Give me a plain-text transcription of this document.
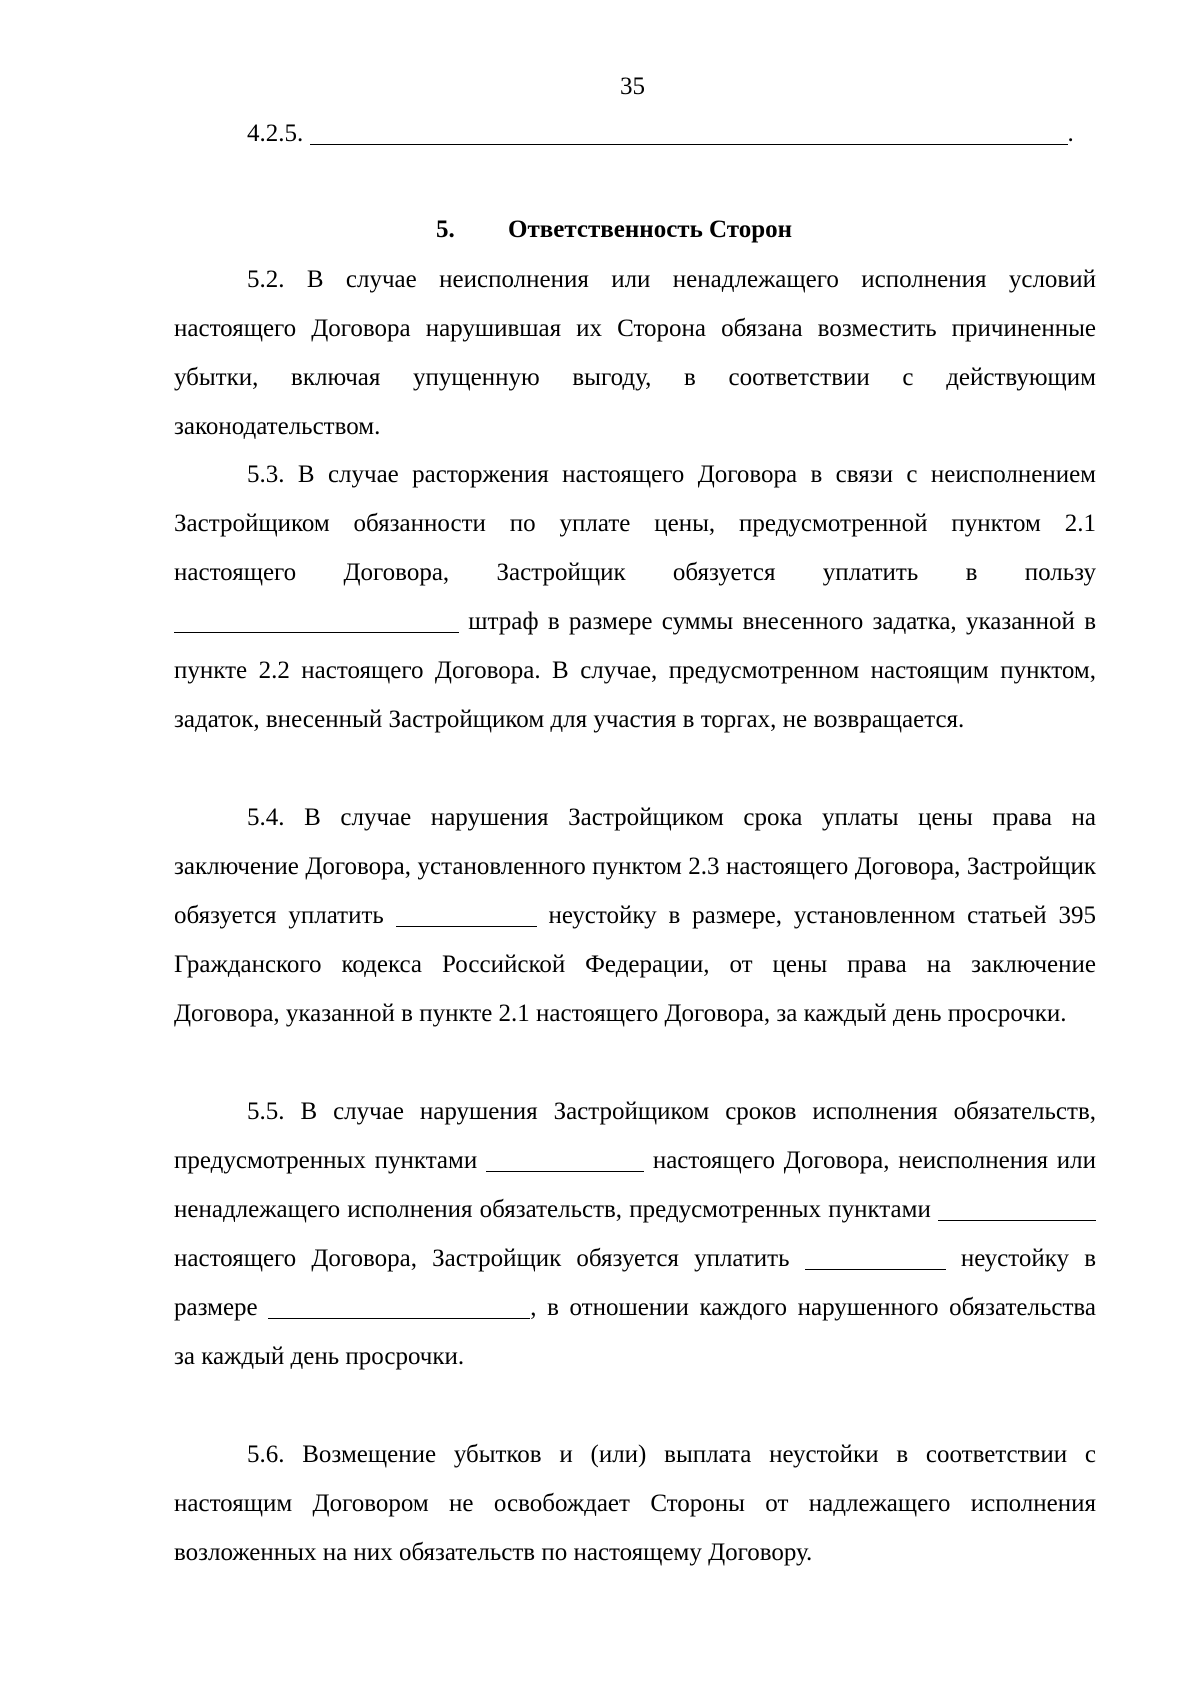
35
4.2.5.	.
5. Ответственность Сторон
5.2. В случае неисполнения или ненадлежащего исполнения условий настоящего Договора нарушившая их Сторона обязана возместить причиненные убытки, включая упущенную выгоду, в соответствии с действующим законодательством.
5.3. В случае расторжения настоящего Договора в связи с неисполнением Застройщиком обязанности по уплате цены, предусмотренной пунктом 2.1 настоящего Договора, Застройщик обязуется уплатить в пользу  штраф в размере суммы внесенного задатка, указанной в пункте 2.2 настоящего Договора. В случае, предусмотренном настоящим пунктом, задаток, внесенный Застройщиком для участия в торгах, не возвращается.
5.4. В случае нарушения Застройщиком срока уплаты цены права на заключение Договора, установленного пунктом 2.3 настоящего Договора, Застройщик обязуется уплатить	неустойку в размере, установленном статьей 395 Гражданского кодекса Российской Федерации, от цены права на заключение Договора, указанной в пункте 2.1 настоящего Договора, за каждый день просрочки.
5.5. В случае нарушения Застройщиком сроков исполнения обязательств, предусмотренных пунктами	настоящего Договора, неисполнения или ненадлежащего исполнения обязательств, предусмотренных пунктами  настоящего Договора, Застройщик обязуется уплатить	неустойку в размере	, в отношении каждого нарушенного обязательства за каждый день просрочки.
5.6. Возмещение убытков и (или) выплата неустойки в соответствии с настоящим Договором не освобождает Стороны от надлежащего исполнения возложенных на них обязательств по настоящему Договору.
